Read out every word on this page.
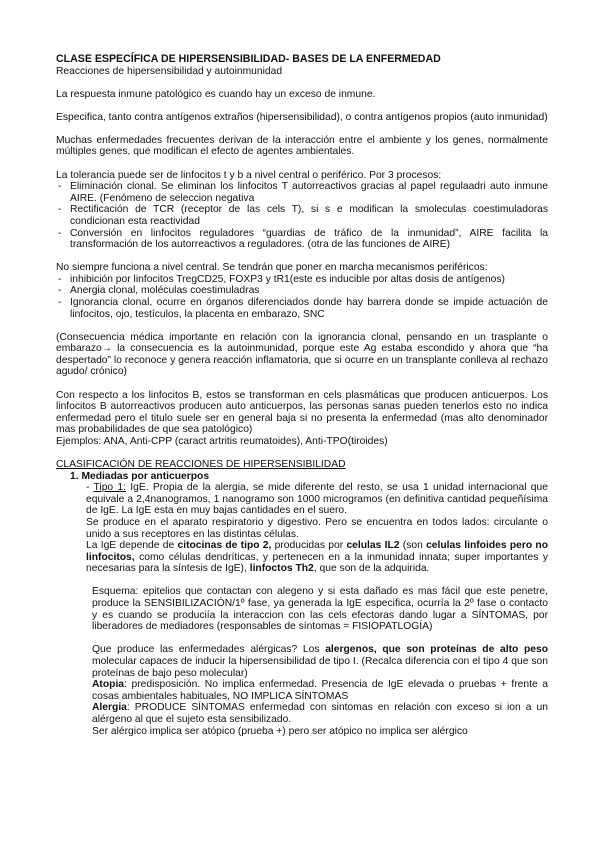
CLASE ESPECÍFICA DE HIPERSENSIBILIDAD- BASES DE LA ENFERMEDAD
Reacciones de hipersensibilidad y autoinmunidad

La respuesta inmune patológico es cuando hay un exceso de inmune.

Especifica, tanto contra antígenos extraños (hipersensibilidad), o contra antígenos propios (auto inmunidad)

Muchas enfermedades frecuentes derivan de la interacción entre el ambiente y los genes, normalmente múltiples genes, que modifican el efecto de agentes ambientales.

La tolerancia puede ser de linfocitos t y b a nivel central o periférico. Por 3 procesos:

- Eliminación clonal. Se eliminan los linfocitos T autorreactivos gracias al papel regulaadri auto inmune AIRE. (Fenómeno de seleccion negativa
- Rectificación de TCR (receptor de las cels T), si s e modifican la smoleculas coestimuladoras condicionan esta reactividad
- Conversión en linfocitos reguladores “guardias de tráfico de la inmunidad”, AIRE facilita la transformación de los autorreactivos a reguladores. (otra de las funciones de AIRE)

No siempre funciona a nivel central. Se tendrán que poner en marcha mecanismos periféricos:

- inhibición por linfocitos TregCD25, FOXP3 y tR1(este es inducible por altas dosis de antígenos)
- Anergia clonal, moléculas coestimuladras
- Ignorancia clonal, ocurre en órganos diferenciados donde hay barrera donde se impide actuación de linfocitos, ojo, testículos, la placenta en embarazo, SNC

(Consecuencia médica importante en relación con la ignorancia clonal, pensando en un trasplante o embarazo→ la consecuencia es la autoinmunidad, porque este Ag estaba escondido y ahora que “ha despertado” lo reconoce y genera reacción inflamatoria, que si ocurre en un transplante conlleva al rechazo agudo/ crónico)

Con respecto a los linfocitos B, estos se transforman en cels plasmáticas que producen anticuerpos. Los linfocitos B autorreactivos producen auto anticuerpos, las personas sanas pueden tenerlos esto no indica enfermedad pero el titulo suele ser en general baja si no presenta la enfermedad (mas alto denominador mas probabilidades de que sea patológico)

Ejemplos: ANA, Anti-CPP (caract artritis reumatoides), Anti-TPO(tiroides)

CLASIFICACIÓN DE REACCIONES DE HIPERSENSIBILIDAD
1. Mediadas por anticuerpos

- Tipo 1: IgE. Propia de la alergia, se mide diferente del resto, se usa 1 unidad internacional que equivale a 2,4nanogramos, 1 nanogramo son 1000 microgramos (en definitiva cantidad pequeñísima de IgE. La IgE esta en muy bajas cantidades en el suero.

Se produce en el aparato respiratorio y digestivo. Pero se encuentra en todos lados: circulante o unido a sus receptores en las distintas células.

La IgE depende de citocinas de tipo 2, producidas por celulas IL2 (son celulas linfoides pero no linfocitos, como células dendríticas, y pertenecen en a la inmunidad innata; super importantes y necesarias para la síntesis de IgE), linfoctos Th2, que son de la adquirida.

Esquema: epitelios que contactan con alegeno y si esta dañado es mas fácil que este penetre, produce la SENSIBILIZACIÓN/1º fase, ya generada la IgE especifica, ocurría la 2º fase o contacto y es cuando se produciía la interaccion con las cels efectoras dando lugar a SÍNTOMAS, por liberadores de mediadores (responsables de síntomas = FISIOPATLOGÍA)

Que produce las enfermedades alérgicas? Los alergenos, que son proteínas de alto peso molecular capaces de inducir la hipersensibilidad de tipo I. (Recalca diferencia con el tipo 4 que son proteínas de bajo peso molecular)

Atopia: predisposición. No implica enfermedad. Presencia de IgE elevada o pruebas + frente a cosas ambientales habituales, NO IMPLICA SÍNTOMAS

Alergia: PRODUCE SÍNTOMAS enfermedad con sintomas en relación con exceso si ion a un alérgeno al que el sujeto esta sensibilizado.

Ser alérgico implica ser atópico (prueba +) pero ser atópico no implica ser alérgico
